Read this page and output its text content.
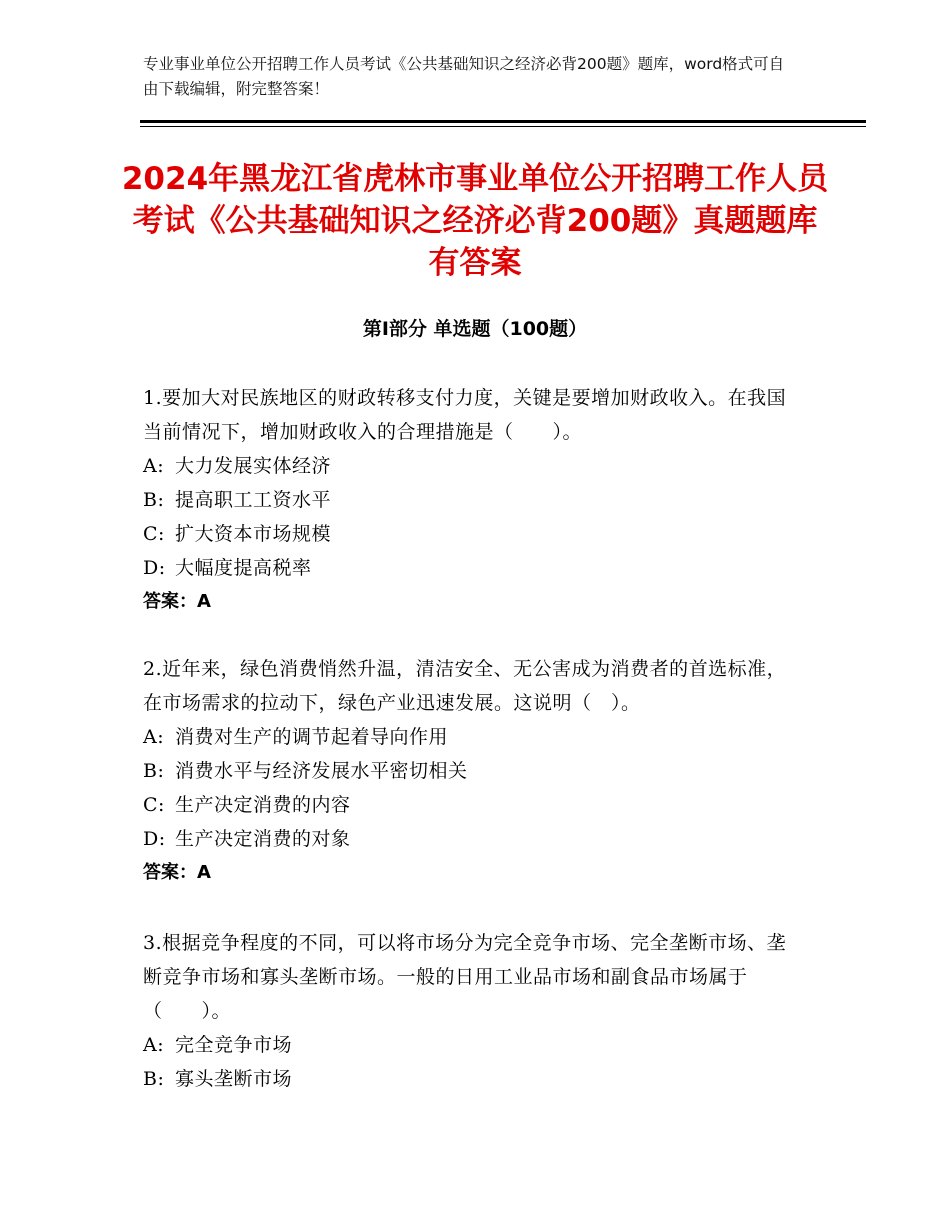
专业事业单位公开招聘工作人员考试《公共基础知识之经济必背200题》题库，word格式可自由下载编辑，附完整答案！
2024年黑龙江省虎林市事业单位公开招聘工作人员考试《公共基础知识之经济必背200题》真题题库有答案
第Ⅰ部分 单选题（100题）
1.要加大对民族地区的财政转移支付力度，关键是要增加财政收入。在我国当前情况下，增加财政收入的合理措施是（　　）。
A: 大力发展实体经济
B: 提高职工工资水平
C: 扩大资本市场规模
D: 大幅度提高税率
答案：A
2.近年来，绿色消费悄然升温，清洁安全、无公害成为消费者的首选标准，在市场需求的拉动下，绿色产业迅速发展。这说明（　）。
A: 消费对生产的调节起着导向作用
B: 消费水平与经济发展水平密切相关
C: 生产决定消费的内容
D: 生产决定消费的对象
答案：A
3.根据竞争程度的不同，可以将市场分为完全竞争市场、完全垄断市场、垄断竞争市场和寡头垄断市场。一般的日用工业品市场和副食品市场属于（　　）。
A: 完全竞争市场
B: 寡头垄断市场
